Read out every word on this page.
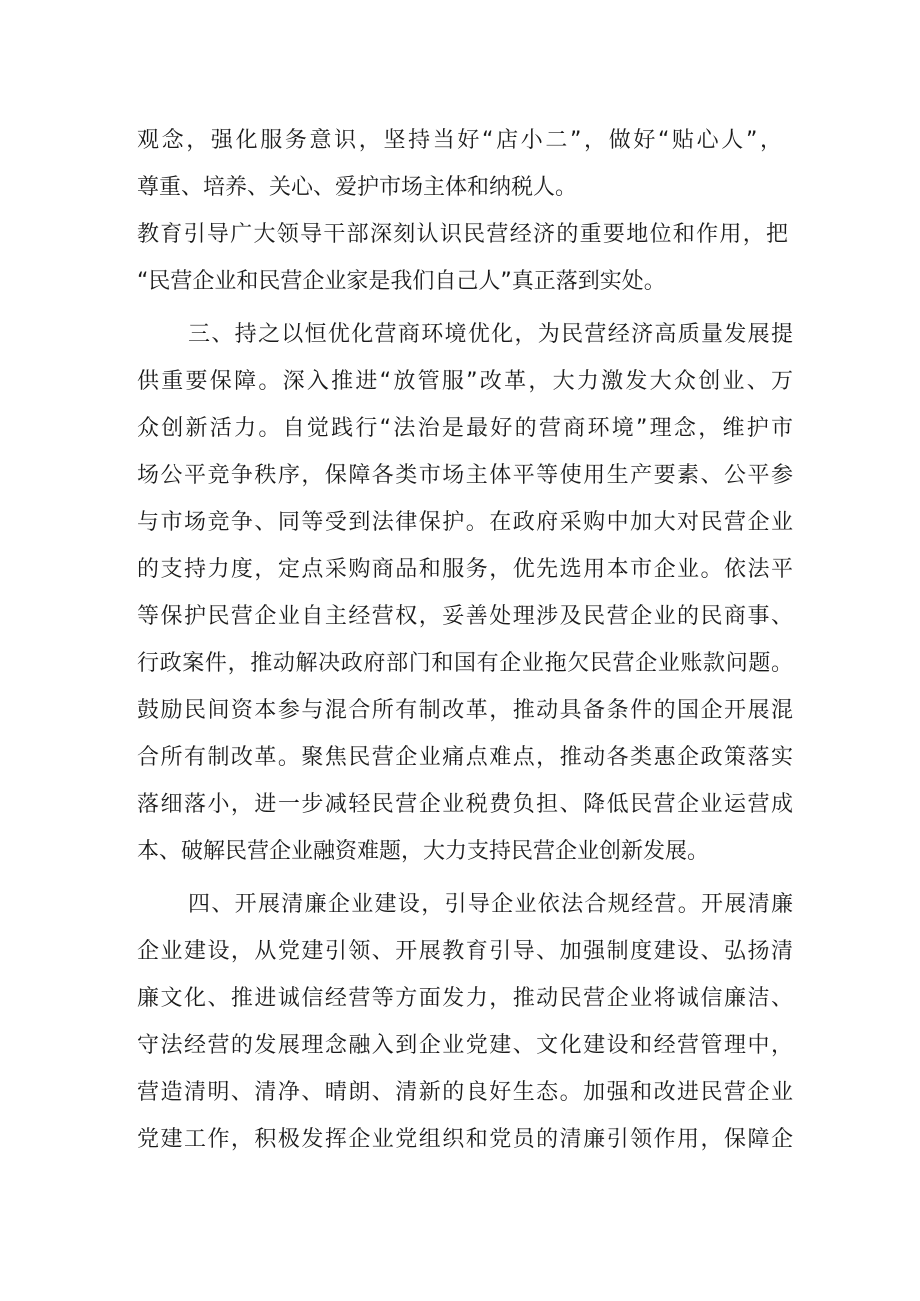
观念，强化服务意识，坚持当好“店小二”，做好“贴心人”，
尊重、培养、关心、爱护市场主体和纳税人。
教育引导广大领导干部深刻认识民营经济的重要地位和作用，把
“民营企业和民营企业家是我们自己人”真正落到实处。
三、持之以恒优化营商环境优化，为民营经济高质量发展提
供重要保障。深入推进“放管服”改革，大力激发大众创业、万
众创新活力。自觉践行“法治是最好的营商环境”理念，维护市
场公平竞争秩序，保障各类市场主体平等使用生产要素、公平参
与市场竞争、同等受到法律保护。在政府采购中加大对民营企业
的支持力度，定点采购商品和服务，优先选用本市企业。依法平
等保护民营企业自主经营权，妥善处理涉及民营企业的民商事、
行政案件，推动解决政府部门和国有企业拖欠民营企业账款问题。
鼓励民间资本参与混合所有制改革，推动具备条件的国企开展混
合所有制改革。聚焦民营企业痛点难点，推动各类惠企政策落实
落细落小，进一步减轻民营企业税费负担、降低民营企业运营成
本、破解民营企业融资难题，大力支持民营企业创新发展。
四、开展清廉企业建设，引导企业依法合规经营。开展清廉
企业建设，从党建引领、开展教育引导、加强制度建设、弘扬清
廉文化、推进诚信经营等方面发力，推动民营企业将诚信廉洁、
守法经营的发展理念融入到企业党建、文化建设和经营管理中，
营造清明、清净、晴朗、清新的良好生态。加强和改进民营企业
党建工作，积极发挥企业党组织和党员的清廉引领作用，保障企
